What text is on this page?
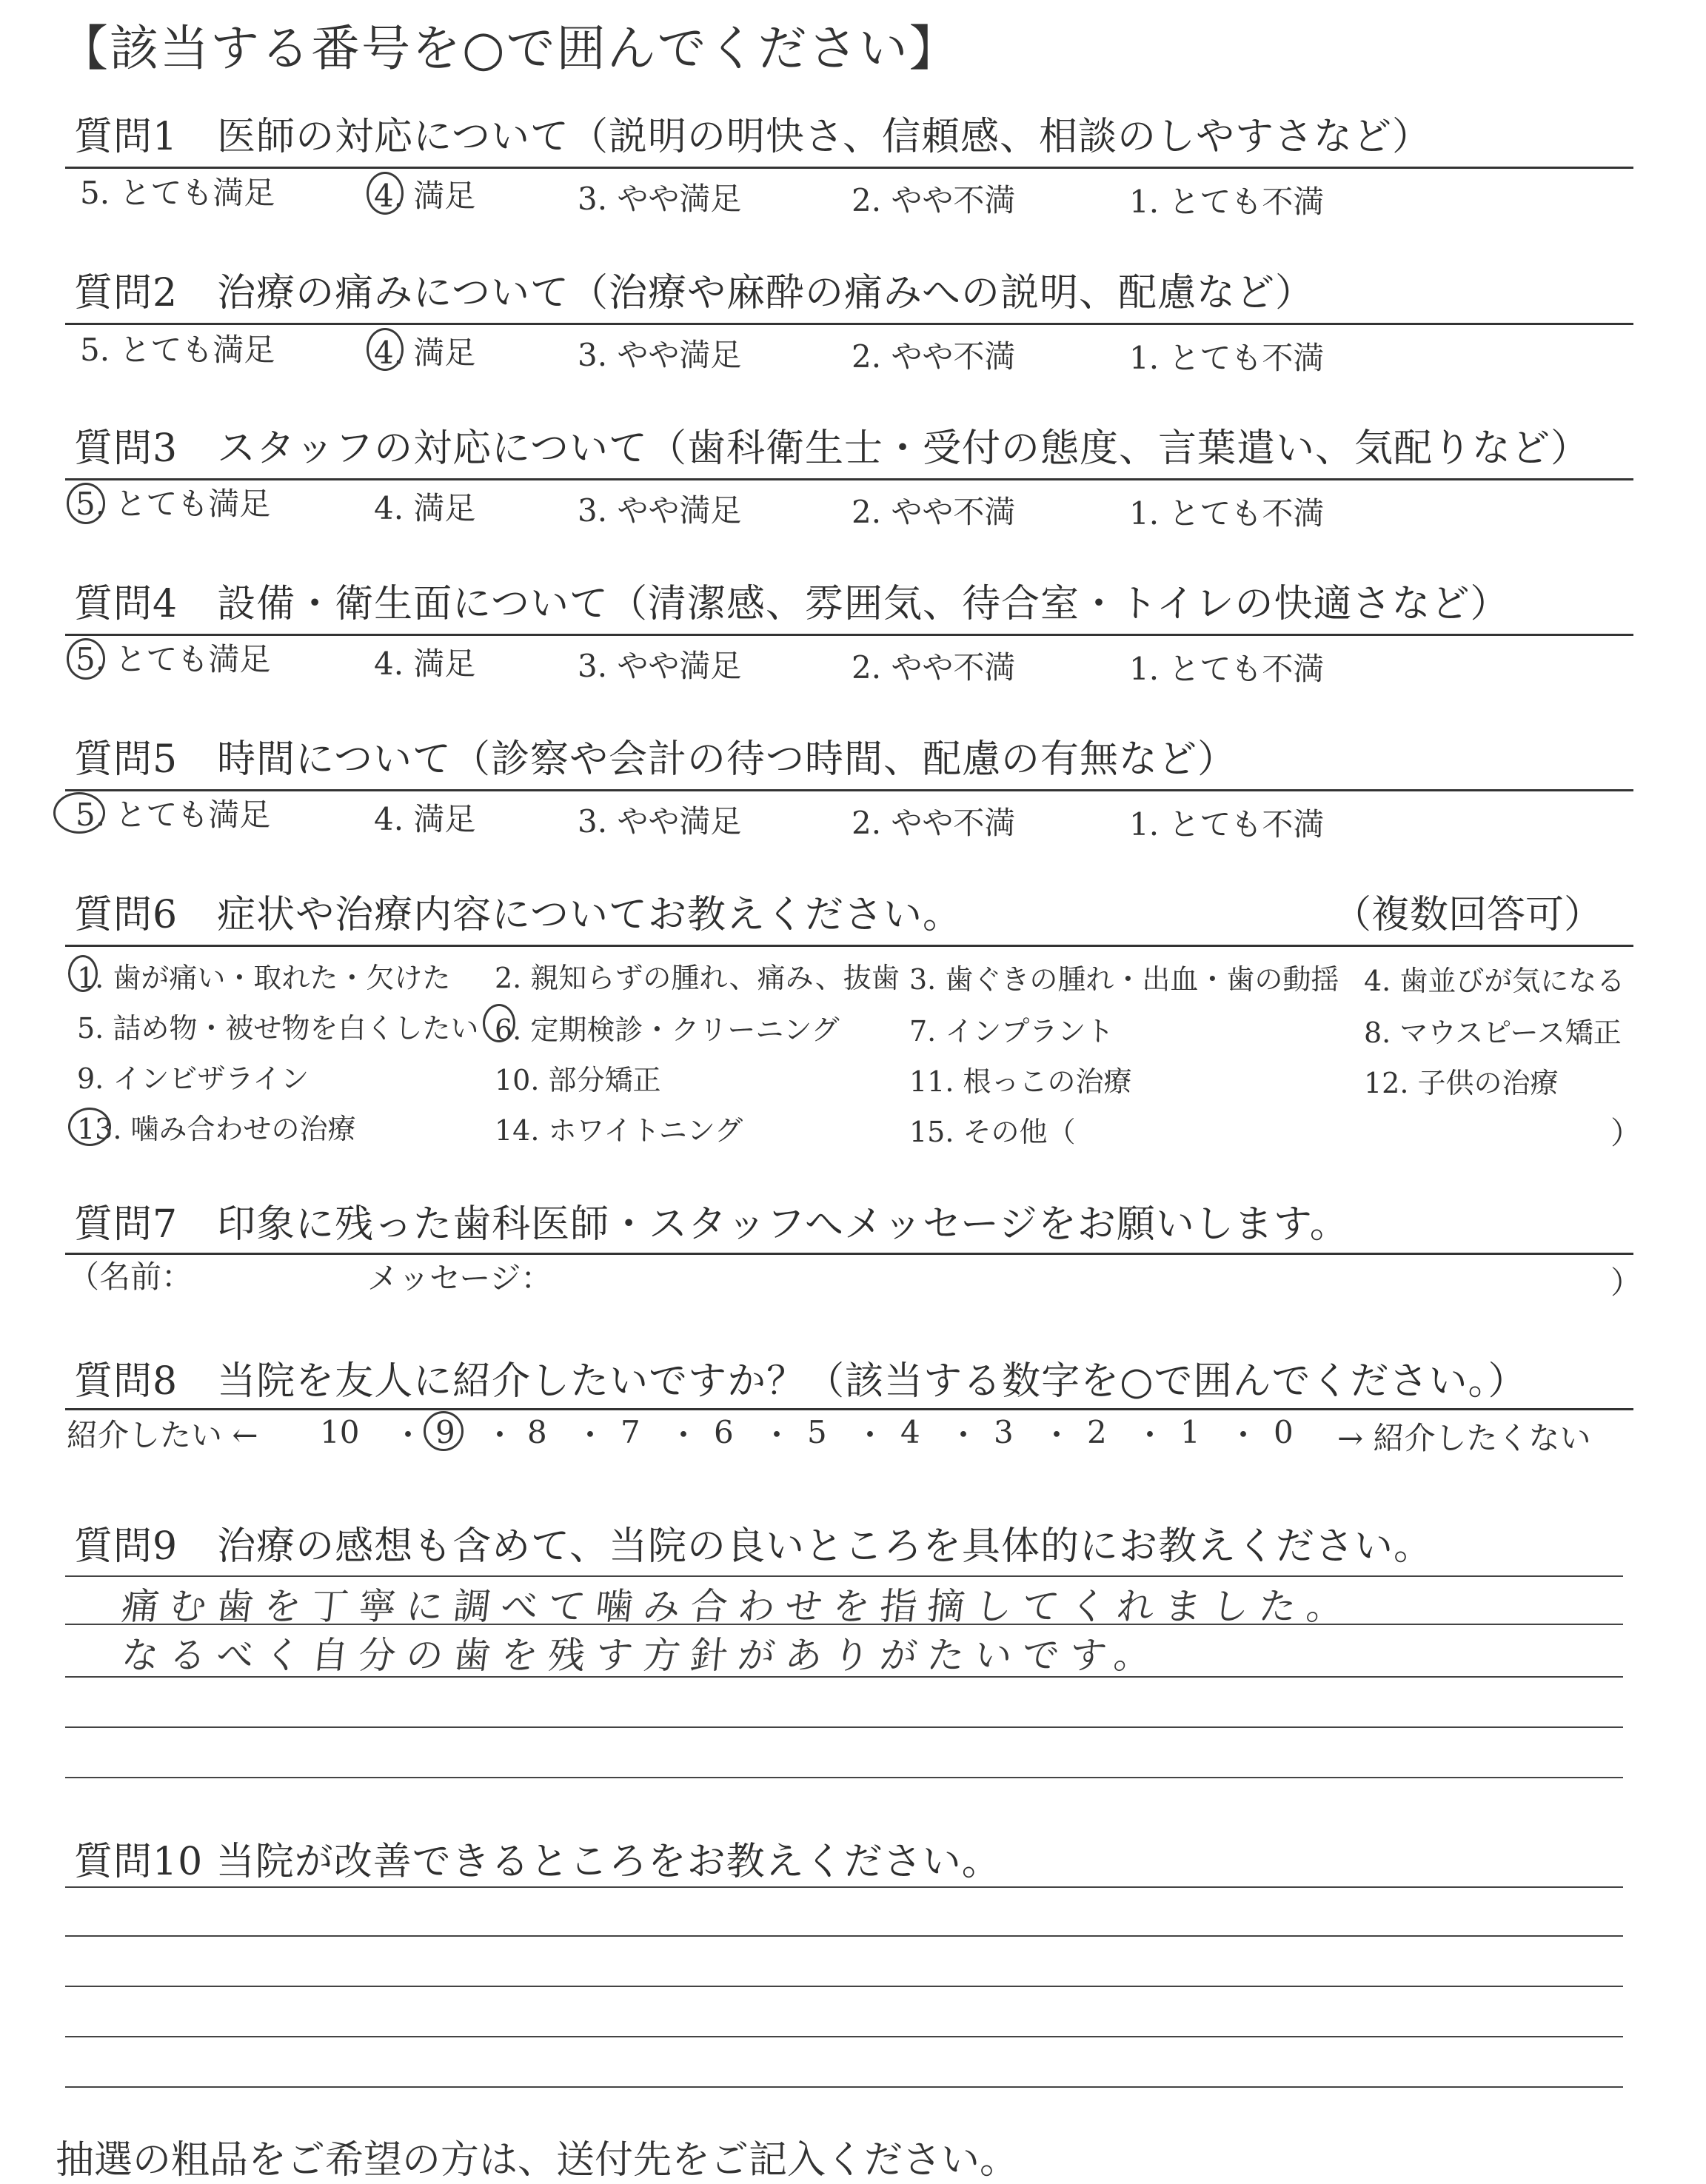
【該当する番号を○で囲んでください】
質問1　医師の対応について（説明の明快さ、信頼感、相談のしやすさなど）
5. とても満足	4. 満足	3. やや満足	2. やや不満	1. とても不満
質問2　治療の痛みについて（治療や麻酔の痛みへの説明、配慮など）
5. とても満足	4. 満足	3. やや満足	2. やや不満	1. とても不満
質問3　スタッフの対応について（歯科衛生士・受付の態度、言葉遣い、気配りなど）
5. とても満足	4. 満足	3. やや満足	2. やや不満	1. とても不満
質問4　設備・衛生面について（清潔感、雰囲気、待合室・トイレの快適さなど）
5. とても満足	4. 満足	3. やや満足	2. やや不満	1. とても不満
質問5　時間について（診察や会計の待つ時間、配慮の有無など）
5. とても満足	4. 満足	3. やや満足	2. やや不満	1. とても不満
質問6　症状や治療内容についてお教えください。	（複数回答可）
1. 歯が痛い・取れた・欠けた 2. 親知らずの腫れ、痛み、抜歯 3. 歯ぐきの腫れ・出血・歯の動揺 4. 歯並びが気になる
5. 詰め物・被せ物を白くしたい 6. 定期検診・クリーニング 7. インプラント	8. マウスピース矯正
9. インビザライン	10. 部分矯正	11. 根っこの治療	12. 子供の治療
13. 噛み合わせの治療	14. ホワイトニング	15. その他（	）
質問7　印象に残った歯科医師・スタッフへメッセージをお願いします。
（名前：	メッセージ：	）
質問8　当院を友人に紹介したいですか？（該当する数字を○で囲んでください。）
紹介したい ← 10 ・ 9 ・ 8 ・ 7 ・ 6 ・ 5 ・ 4 ・ 3 ・ 2 ・ 1 ・ 0 → 紹介したくない
質問9　治療の感想も含めて、当院の良いところを具体的にお教えください。
痛む歯を丁寧に調べて噛み合わせを指摘してくれました。
なるべく自分の歯を残す方針がありがたいです。
質問10 当院が改善できるところをお教えください。
抽選の粗品をご希望の方は、送付先をご記入ください。
